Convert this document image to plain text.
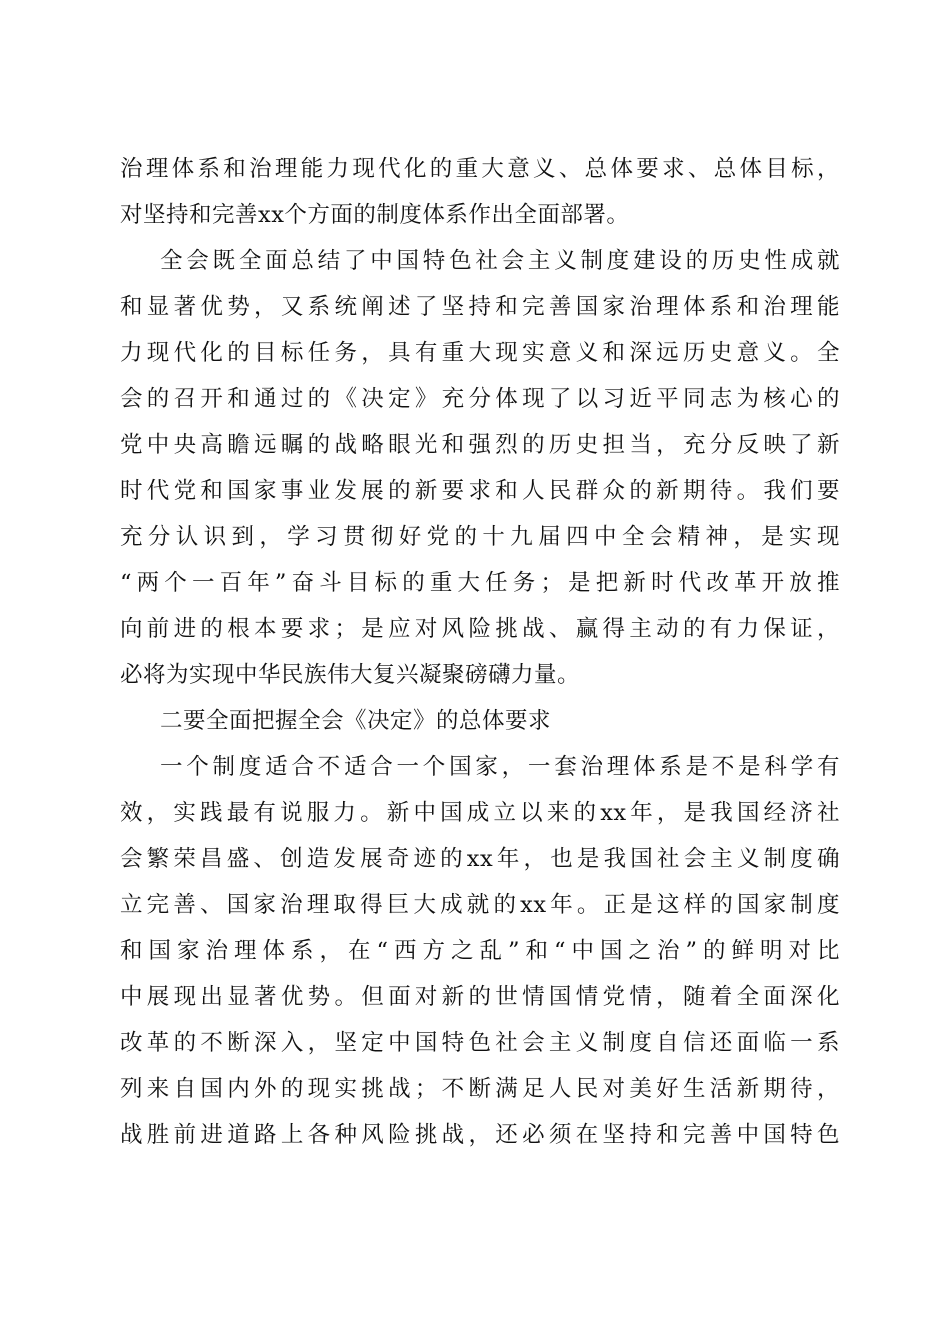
治理体系和治理能力现代化的重大意义、总体要求、总体目标，
对坚持和完善xx个方面的制度体系作出全面部署。
全会既全面总结了中国特色社会主义制度建设的历史性成就
和显著优势，又系统阐述了坚持和完善国家治理体系和治理能
力现代化的目标任务，具有重大现实意义和深远历史意义。全
会的召开和通过的《决定》充分体现了以习近平同志为核心的
党中央高瞻远瞩的战略眼光和强烈的历史担当，充分反映了新
时代党和国家事业发展的新要求和人民群众的新期待。我们要
充分认识到，学习贯彻好党的十九届四中全会精神，是实现
“两个一百年”奋斗目标的重大任务；是把新时代改革开放推
向前进的根本要求；是应对风险挑战、赢得主动的有力保证，
必将为实现中华民族伟大复兴凝聚磅礴力量。
二要全面把握全会《决定》的总体要求
一个制度适合不适合一个国家，一套治理体系是不是科学有
效，实践最有说服力。新中国成立以来的xx年，是我国经济社
会繁荣昌盛、创造发展奇迹的xx年，也是我国社会主义制度确
立完善、国家治理取得巨大成就的xx年。正是这样的国家制度
和国家治理体系，在“西方之乱”和“中国之治”的鲜明对比
中展现出显著优势。但面对新的世情国情党情，随着全面深化
改革的不断深入，坚定中国特色社会主义制度自信还面临一系
列来自国内外的现实挑战；不断满足人民对美好生活新期待，
战胜前进道路上各种风险挑战，还必须在坚持和完善中国特色
